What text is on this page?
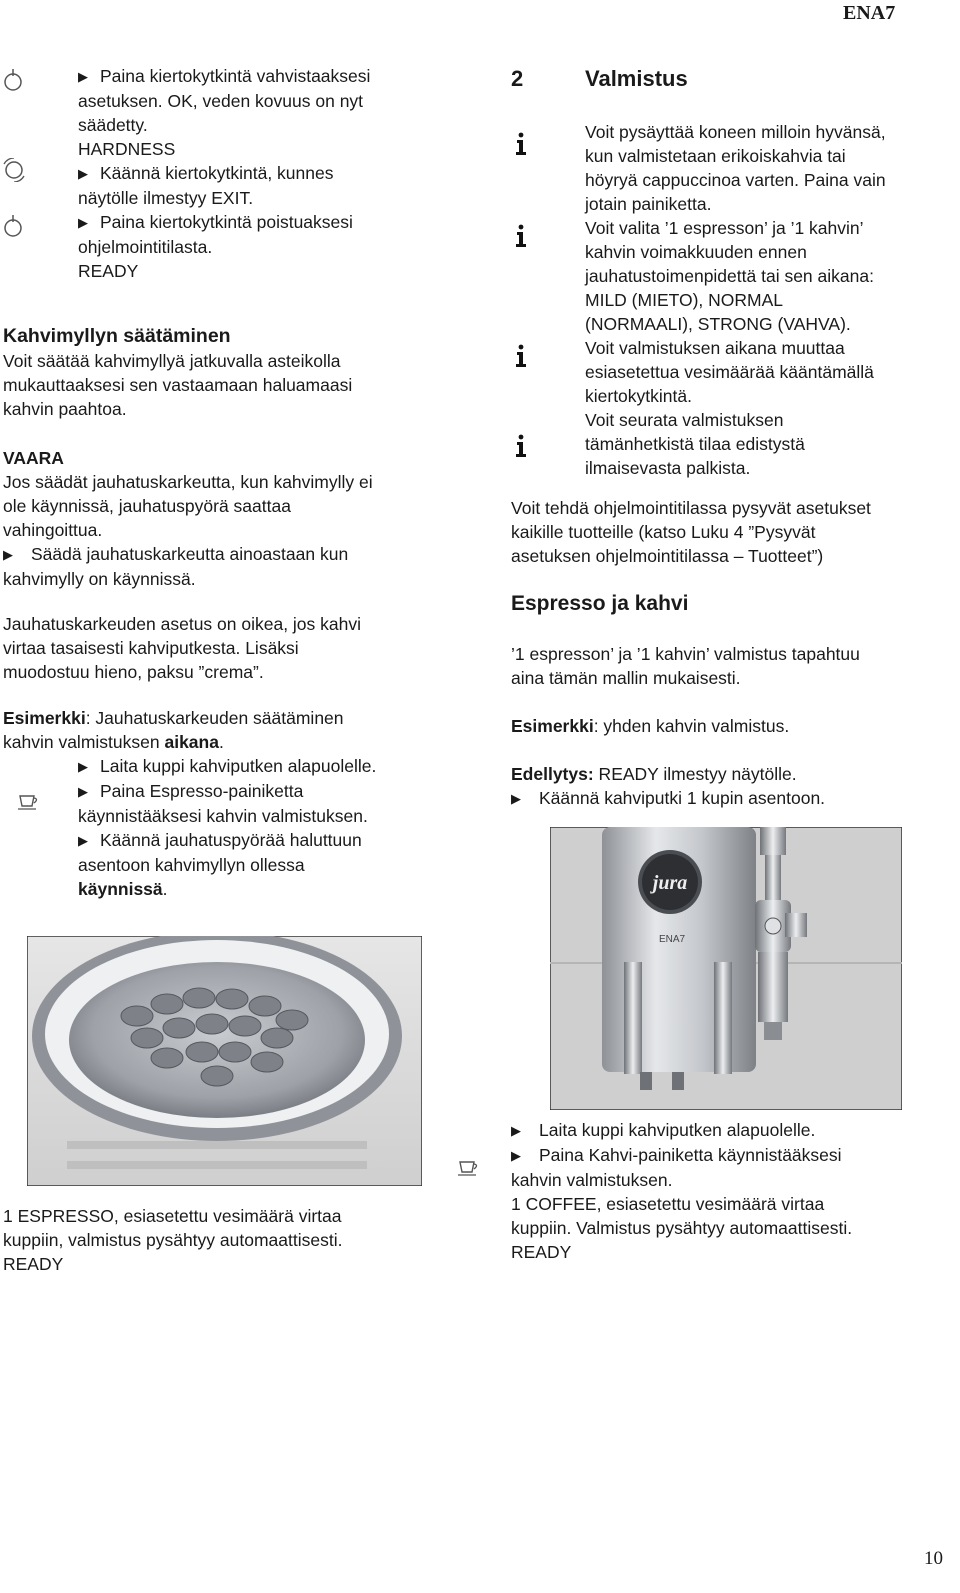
ENA7
▶ Paina kiertokytkintä vahvistaaksesi
asetuksen. OK, veden kovuus on nyt
säädetty.
HARDNESS
▶ Käännä kiertokytkintä, kunnes
näytölle ilmestyy EXIT.
▶ Paina kiertokytkintä poistuaksesi
ohjelmointitilasta.
READY
Kahvimyllyn säätäminen
Voit säätää kahvimyllyä jatkuvalla asteikolla
mukauttaaksesi sen vastaamaan haluamaasi
kahvin paahtoa.
VAARA
Jos säädät jauhatuskarkeutta, kun kahvimylly ei
ole käynnissä, jauhatuspyörä saattaa
vahingoittua.
▶ Säädä jauhatuskarkeutta ainoastaan kun
kahvimylly on käynnissä.
Jauhatuskarkeuden asetus on oikea, jos kahvi
virtaa tasaisesti kahviputkesta. Lisäksi
muodostuu hieno, paksu ”crema”.
Esimerkki: Jauhatuskarkeuden säätäminen
kahvin valmistuksen aikana.
▶ Laita kuppi kahviputken alapuolelle.
▶ Paina Espresso-painiketta
käynnistääksesi kahvin valmistuksen.
▶ Käännä jauhatuspyörää haluttuun
asentoon kahvimyllyn ollessa
käynnissä.
1 ESPRESSO, esiasetettu vesimäärä virtaa
kuppiin, valmistus pysähtyy automaattisesti.
READY
2	Valmistus
Voit pysäyttää koneen milloin hyvänsä,
kun valmistetaan erikoiskahvia tai
höyryä cappuccinoa varten. Paina vain
jotain painiketta.
Voit valita ’1 espresson’ ja ’1 kahvin’
kahvin voimakkuuden ennen
jauhatustoimenpidettä tai sen aikana:
MILD (MIETO), NORMAL
(NORMAALI), STRONG (VAHVA).
Voit valmistuksen aikana muuttaa
esiasetettua vesimäärää kääntämällä
kiertokytkintä.
Voit seurata valmistuksen
tämänhetkistä tilaa edistystä
ilmaisevasta palkista.
Voit tehdä ohjelmointitilassa pysyvät asetukset
kaikille tuotteille (katso Luku 4 ”Pysyvät
asetuksen ohjelmointitilassa – Tuotteet”)
Espresso ja kahvi
’1 espresson’ ja ’1 kahvin’ valmistus tapahtuu
aina tämän mallin mukaisesti.
Esimerkki: yhden kahvin valmistus.
Edellytys: READY ilmestyy näytölle.
▶ Käännä kahviputki 1 kupin asentoon.
jura
ENA7
▶ Laita kuppi kahviputken alapuolelle.
▶ Paina Kahvi-painiketta käynnistääksesi
kahvin valmistuksen.
1 COFFEE, esiasetettu vesimäärä virtaa
kuppiin. Valmistus pysähtyy automaattisesti.
READY
10
